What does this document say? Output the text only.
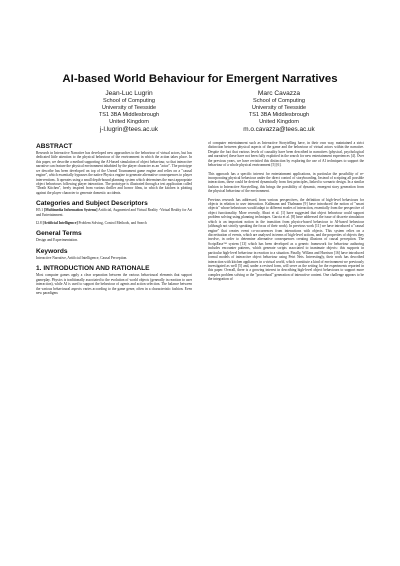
AI-based World Behaviour for Emergent Narratives
Jean-Luc Lugrin
School of Computing
University of Teesside
TS1 3BA Middlesbrough
United Kingdom
j-l.lugrin@tees.ac.uk
Marc Cavazza
School of Computing
University of Teesside
TS1 3BA Middlesbrough
United Kingdom
m.o.cavazza@tees.ac.uk
ABSTRACT

Research in Interactive Narrative has developed new approaches to the behaviour of virtual actors, but has dedicated little attention to the physical behaviour of the environment in which the action takes place. In this paper, we describe a method supporting the AI-based simulation of object behaviour, so that interactive narrative can feature the physical environment inhabited by the player character as an "actor". The prototype we describe has been developed on top of the Unreal Tournament game engine and relies on a "causal engine", which essentially bypasses the native Physics engine to generate alternative consequences to player interventions. It operates using a small depth-bound planning system which determines the most appropriate object behaviours following player interaction. The prototype is illustrated through a test application called "Death Kitchen", freely inspired from various thriller and horror films, in which the kitchen is plotting against the player character to generate domestic accidents.

Categories and Subject Descriptors

H5.1 [Multimedia Information Systems] Artificial, Augmented and Virtual Reality -Virtual Reality for Art and Entertainment.

I2.8 [Artificial Intelligence] Problem Solving, Control Methods, and Search

General Terms

Design and Experimentation.

Keywords

Interactive Narrative, Artificial Intelligence, Causal Perception.

1. INTRODUCTION AND RATIONALE

Most computer games apply a clear separation between the various behavioural elements that support gameplay. Physics is traditionally associated to the evolution of world objects (generally in reaction to user interaction), while AI is used to support the behaviour of agents and action selection. The balance between the various behavioural aspects varies according to the game genre, often in a characteristic fashion. Even new paradigms

of computer entertainment such as Interactive Storytelling have, in their own way, maintained a strict distinction between physical aspects of the game and the behaviour of virtual actors within the narrative. Despite the fact that various levels of causality have been described in narratives (physical, psychological and narrative) these have not been fully exploited in the search for new entertainment experiences [4]. Over the previous years, we have revisited this distinction by exploring the use of AI techniques to support the behaviour of a whole physical environment [5] [6].

This approach has a specific interest for entertainment applications, in particular the possibility of re-incorporating physical behaviour under the direct control of storyboarding. Instead of scripting all possible interactions, these could be derived dynamically from first principles, linked to scenario design. In a similar fashion to Interactive Storytelling, this brings the possibility of dynamic, emergent story generation from the physical behaviour of the environment.

Previous research has addressed, from various perspectives, the definition of high-level behaviours for objects in relation to user interaction. Kallmann and Thalmann [9] have introduced the notion of "smart objects" whose behaviours would adapt to different modes of interaction, essentially from the perspective of object functionality. More recently, Abaci et al. [1] have suggested that object behaviour could support problem solving using planning techniques. Garcia et al. [8] have addressed the issue of discrete simulation which is an important notion in the transition from physics-based behaviour to AI-based behaviour (although not strictly speaking the focus of their work). In previous work [11] we have introduced a "causal engine" that creates event co-occurrences from interactions with objects. This system relies on a discretisation of events, which are analysed in terms of high-level actions, and the properties of objects they involve, in order to determine alternative consequences creating illusions of causal perception. The ScriptEase™ system [13] which has been developed as a generic framework for behaviour authoring includes encounter patterns, which generate scripts associated to inanimate objects: this supports in particular high-level behaviour in reaction to a situation. Finally, Willans and Harrison [16] have introduced formal models of interactive object behaviour using Petri Nets. Interestingly, their work has described interaction with kitchen appliances in a virtual world, which constitute a kind of environment we previously investigated as well [5] and, under a revised form, will serve as the setting for the experiments reported in this paper. Overall, there is a growing interest in describing high-level object behaviours to support more complex problem solving or the "procedural" generation of interactive content. One challenge appears to be the integration of
